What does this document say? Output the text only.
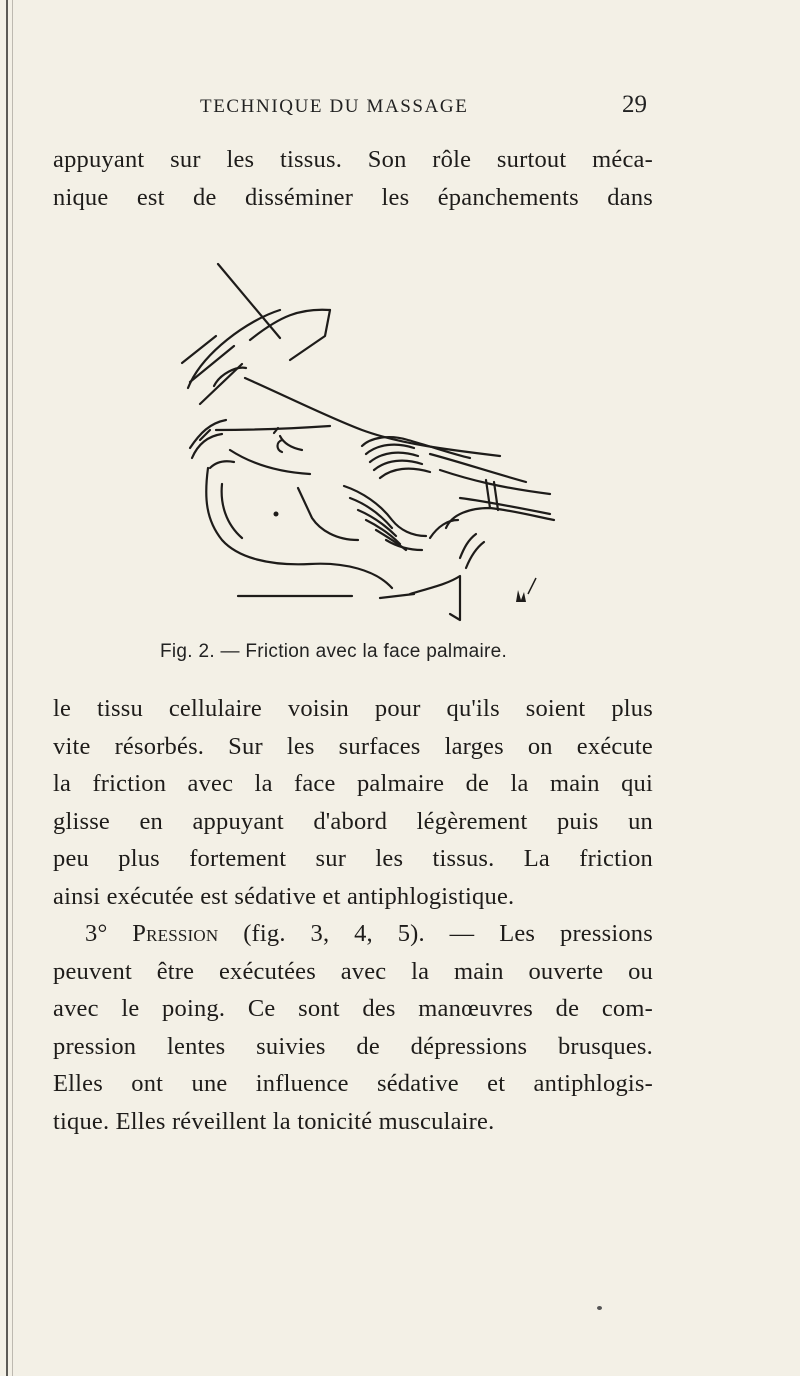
TECHNIQUE DU MASSAGE	29

appuyant sur les tissus. Son rôle surtout méca-

nique est de disséminer les épanchements dans

Fig. 2. — Friction avec la face palmaire.

le tissu cellulaire voisin pour qu'ils soient plus

vite résorbés. Sur les surfaces larges on exécute

la friction avec la face palmaire de la main qui

glisse en appuyant d'abord légèrement puis un

peu plus fortement sur les tissus. La friction

ainsi exécutée est sédative et antiphlogistique.

3° Pression (fig. 3, 4, 5). — Les pressions

peuvent être exécutées avec la main ouverte ou

avec le poing. Ce sont des manœuvres de com-

pression lentes suivies de dépressions brusques.

Elles ont une influence sédative et antiphlogis-

tique. Elles réveillent la tonicité musculaire.
